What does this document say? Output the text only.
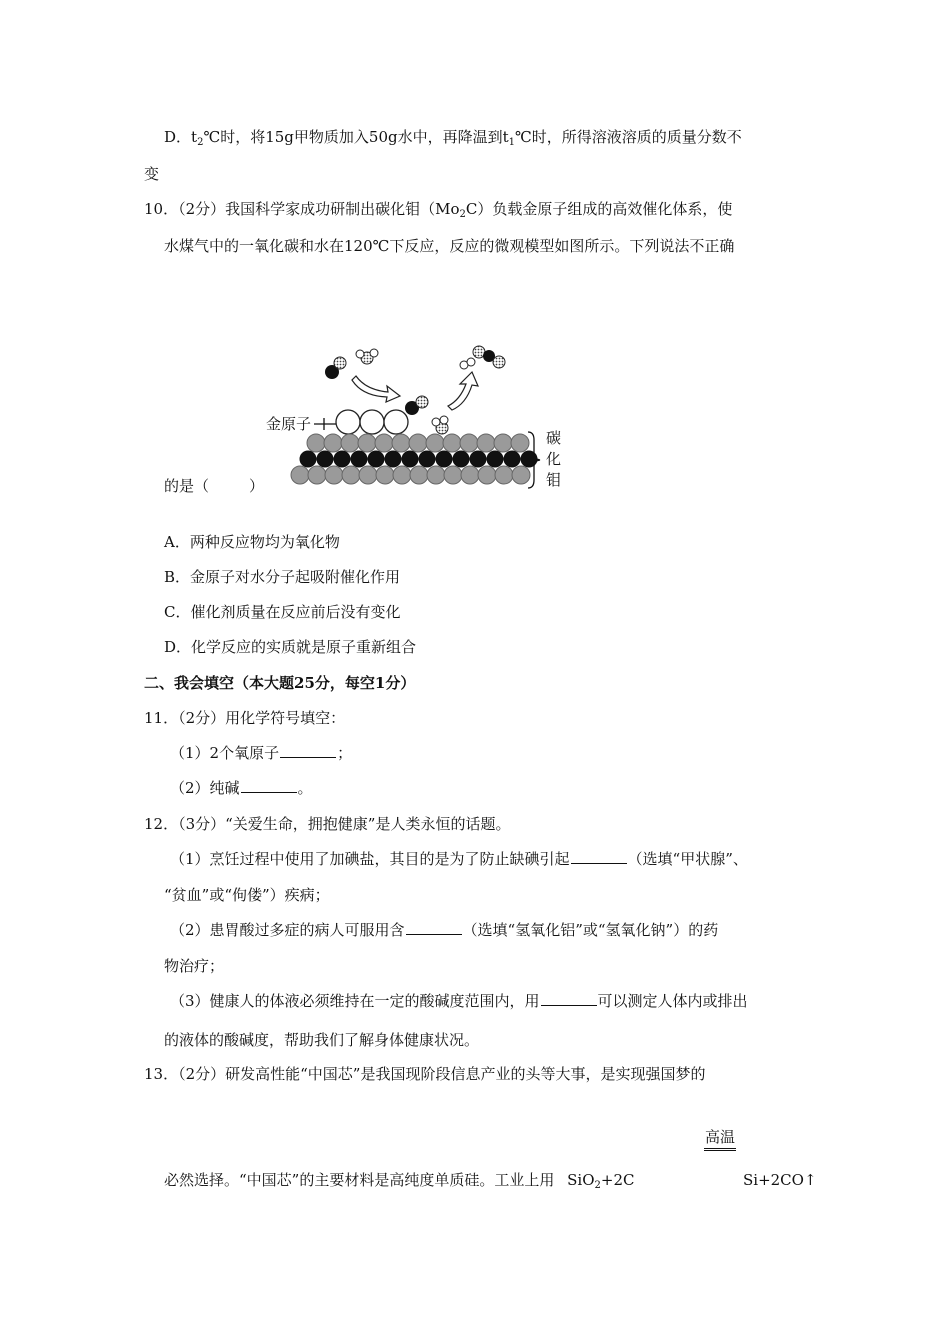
D．$t_2℃$时，将15g甲物质加入50g水中，再降温到$t_1℃$时，所得溶液溶质的质量分数不
变
10．（2分）我国科学家成功研制出碳化钼$(Mo_2C)$负载金原子组成的高效催化体系，使
水煤气中的一氧化碳和水在120℃下反应，反应的微观模型如图所示。下列说法不正确
金原子
碳
化
钼
的是（	）
A．两种反应物均为氧化物
B．金原子对水分子起吸附催化作用
C．催化剂质量在反应前后没有变化
D．化学反应的实质就是原子重新组合
二、我会填空（本大题25分，每空1分）
11．（2分）用化学符号填空：
（1）2个氧原子	；
（2）纯碱	。
12．（3分）“关爱生命，拥抱健康”是人类永恒的话题。
（1）烹饪过程中使用了加碘盐，其目的是为了防止缺碘引起	（选填“甲状腺”、
“贫血”或“佝偻”）疾病；
（2）患胃酸过多症的病人可服用含	（选填“氢氧化铝”或“氢氧化钠”）的药
物治疗；
（3）健康人的体液必须维持在一定的酸碱度范围内，用	可以测定人体内或排出
的液体的酸碱度，帮助我们了解身体健康状况。
13．（2分）研发高性能“中国芯”是我国现阶段信息产业的头等大事，是实现强国梦的
高温
必然选择。“中国芯”的主要材料是高纯度单质硅。工业上用 SiO$_2$+2C	Si+2CO↑
